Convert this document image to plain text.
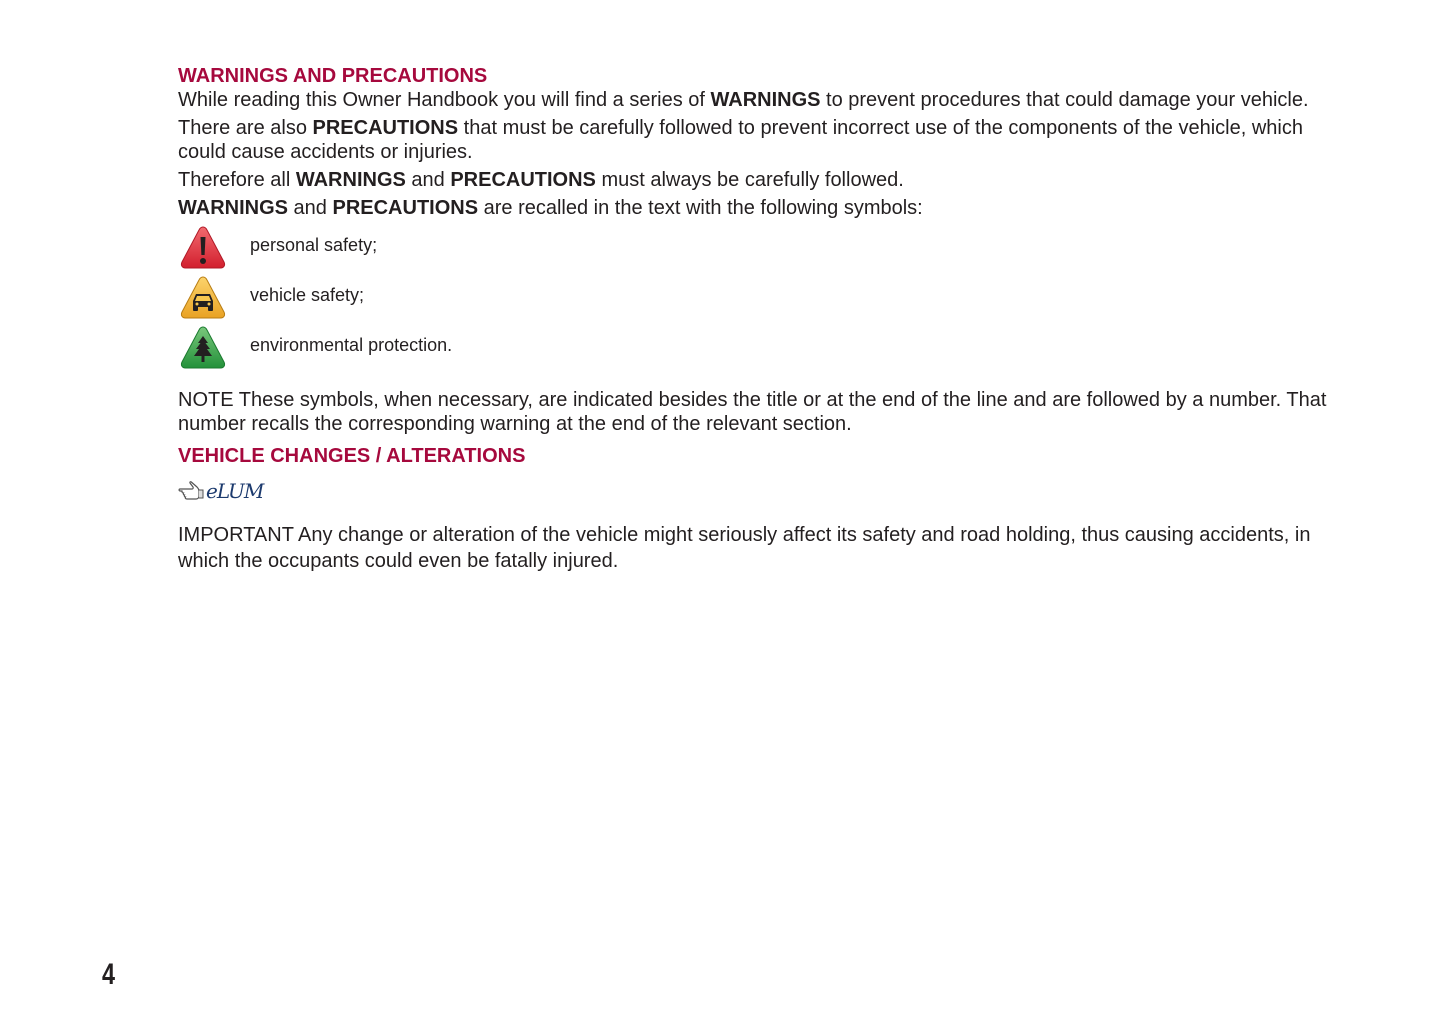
WARNINGS AND PRECAUTIONS

While reading this Owner Handbook you will find a series of WARNINGS to prevent procedures that could damage your vehicle.

There are also PRECAUTIONS that must be carefully followed to prevent incorrect use of the components of the vehicle, which could cause accidents or injuries.

Therefore all WARNINGS and PRECAUTIONS must always be carefully followed.

WARNINGS and PRECAUTIONS are recalled in the text with the following symbols:

personal safety;
vehicle safety;
environmental protection.

NOTE These symbols, when necessary, are indicated besides the title or at the end of the line and are followed by a number. That number recalls the corresponding warning at the end of the relevant section.

VEHICLE CHANGES / ALTERATIONS
eLUM

IMPORTANT Any change or alteration of the vehicle might seriously affect its safety and road holding, thus causing accidents, in which the occupants could even be fatally injured.

4
